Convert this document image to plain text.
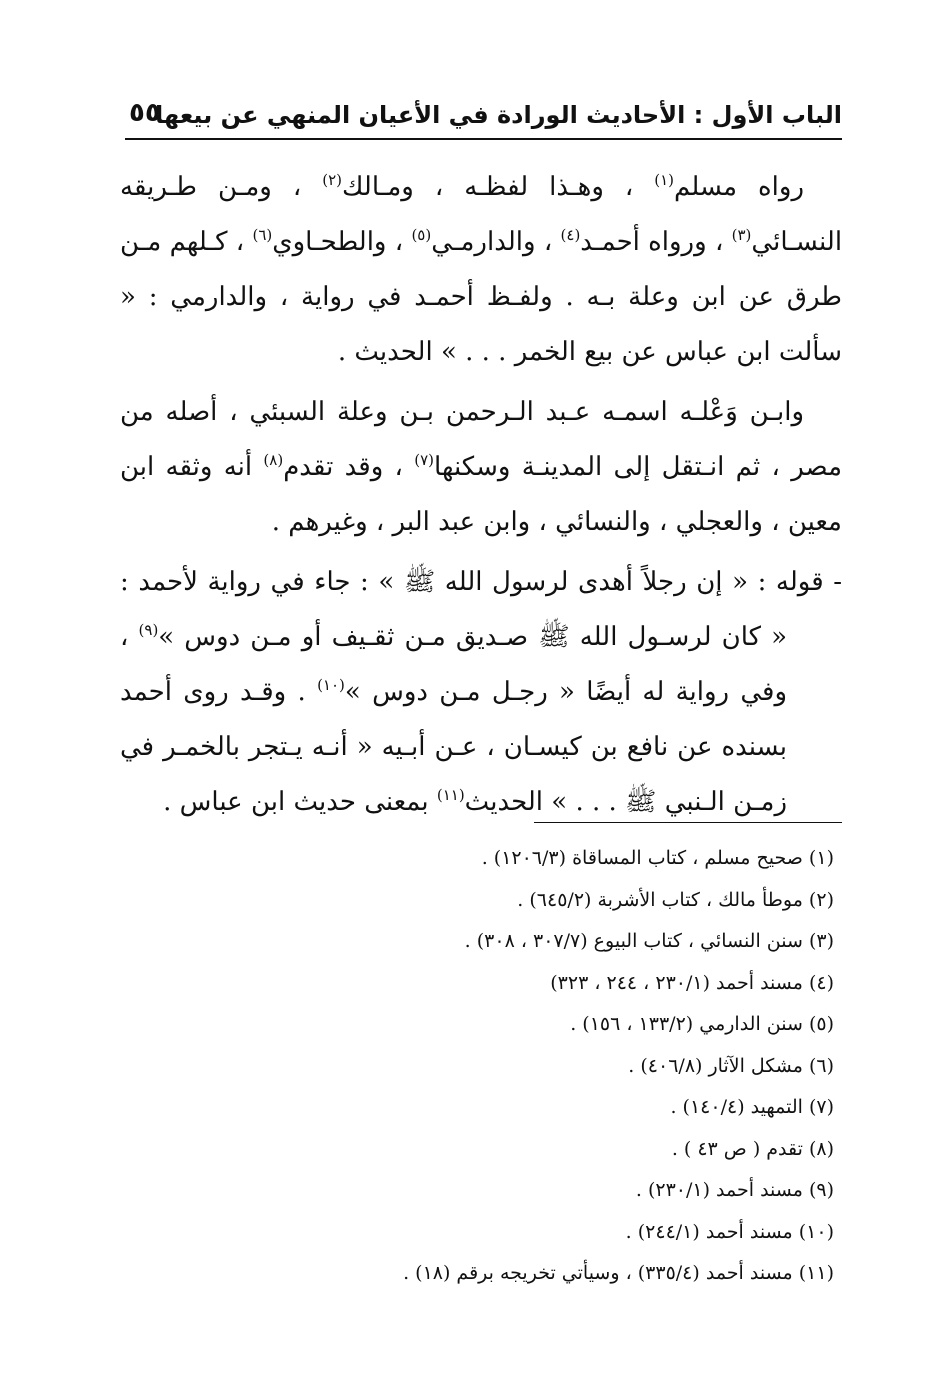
الباب الأول : الأحاديث الورادة في الأعيان المنهي عن بيعها
٥٥

رواه مسلم$^{(١)}$ ، وهـذا لفظـه ، ومـالك$^{(٢)}$ ، ومـن طـريقه النسـائي$^{(٣)}$ ، ورواه أحمـد$^{(٤)}$ ، والدارمـي$^{(٥)}$ ، والطحـاوي$^{(٦)}$ ، كـلهم مـن طرق عن ابن وعلة بـه . ولفـظ أحمـد في رواية ، والدارمي : « سألت ابن عباس عن بيع الخمر . . . » الحديث .

وابـن وَعْلـه اسمـه عـبد الـرحمن بـن وعلة السبئي ، أصله من مصر ، ثم انـتقل إلى المدينـة وسكنها$^{(٧)}$ ، وقد تقدم$^{(٨)}$ أنه وثقه ابن معين ، والعجلي ، والنسائي ، وابن عبد البر ، وغيرهم .

- قوله : « إن رجلاً أهدى لرسول الله ﷺ » : جاء في رواية لأحمد : « كان لرسـول الله ﷺ صـديق مـن ثقـيف أو مـن دوس »$^{(٩)}$ ، وفي رواية له أيضًا « رجـل مـن دوس »$^{(١٠)}$ . وقـد روى أحمد بسنده عن نافع بن كيسـان ، عـن أبـيه « أنـه يـتجر بالخمـر في زمـن الـنبي ﷺ . . . » الحديث$^{(١١)}$ بمعنى حديث ابن عباس .

(١) صحيح مسلم ، كتاب المساقاة (١٢٠٦/٣) .
(٢) موطأ مالك ، كتاب الأشربة (٦٤٥/٢) .
(٣) سنن النسائي ، كتاب البيوع (٣٠٧/٧ ، ٣٠٨) .
(٤) مسند أحمد (٢٣٠/١ ، ٢٤٤ ، ٣٢٣)
(٥) سنن الدارمي (١٣٣/٢ ، ١٥٦) .
(٦) مشكل الآثار (٤٠٦/٨) .
(٧) التمهيد (١٤٠/٤) .
(٨) تقدم ( ص ٤٣ ) .
(٩) مسند أحمد (٢٣٠/١) .
(١٠) مسند أحمد (٢٤٤/١) .
(١١) مسند أحمد (٣٣٥/٤) ، وسيأتي تخريجه برقم (١٨) .
